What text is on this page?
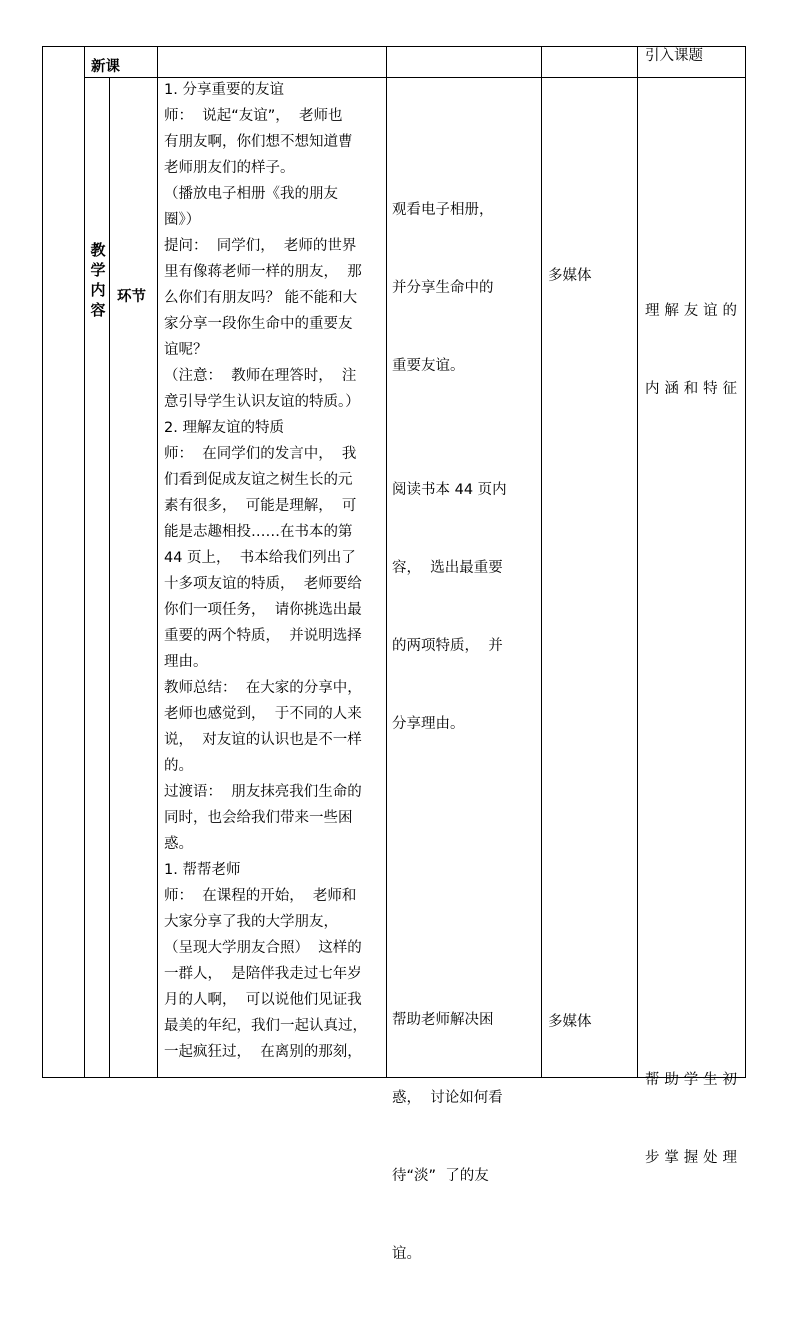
新课
引入课题
教
学
内
容
环节
1. 分享重要的友谊
师：  说起“友谊”，  老师也
有朋友啊，你们想不想知道曹
老师朋友们的样子。
（播放电子相册《我的朋友
圈》）
提问：  同学们，  老师的世界
里有像蒋老师一样的朋友，  那
么你们有朋友吗？ 能不能和大
家分享一段你生命中的重要友
谊呢？
（注意：  教师在理答时，  注
意引导学生认识友谊的特质。）
2. 理解友谊的特质
师：  在同学们的发言中，  我
们看到促成友谊之树生长的元
素有很多，  可能是理解，  可
能是志趣相投……在书本的第
44 页上，  书本给我们列出了
十多项友谊的特质，  老师要给
你们一项任务，  请你挑选出最
重要的两个特质，  并说明选择
理由。
教师总结：  在大家的分享中，
老师也感觉到，  于不同的人来
说，  对友谊的认识也是不一样
的。
过渡语：  朋友抹亮我们生命的
同时，也会给我们带来一些困
惑。
1. 帮帮老师
师：  在课程的开始，  老师和
大家分享了我的大学朋友，
（呈现大学朋友合照）  这样的
一群人，  是陪伴我走过七年岁
月的人啊，  可以说他们见证我
最美的年纪，我们一起认真过，
一起疯狂过，  在离别的那刻，

观看电子相册，

并分享生命中的

重要友谊。

阅读书本 44 页内

容，  选出最重要

的两项特质，  并

分享理由。

帮助老师解决困

惑，  讨论如何看

待“淡”  了的友

谊。

多媒体
多媒体

理解友谊的

内涵和特征

帮助学生初

步掌握处理
